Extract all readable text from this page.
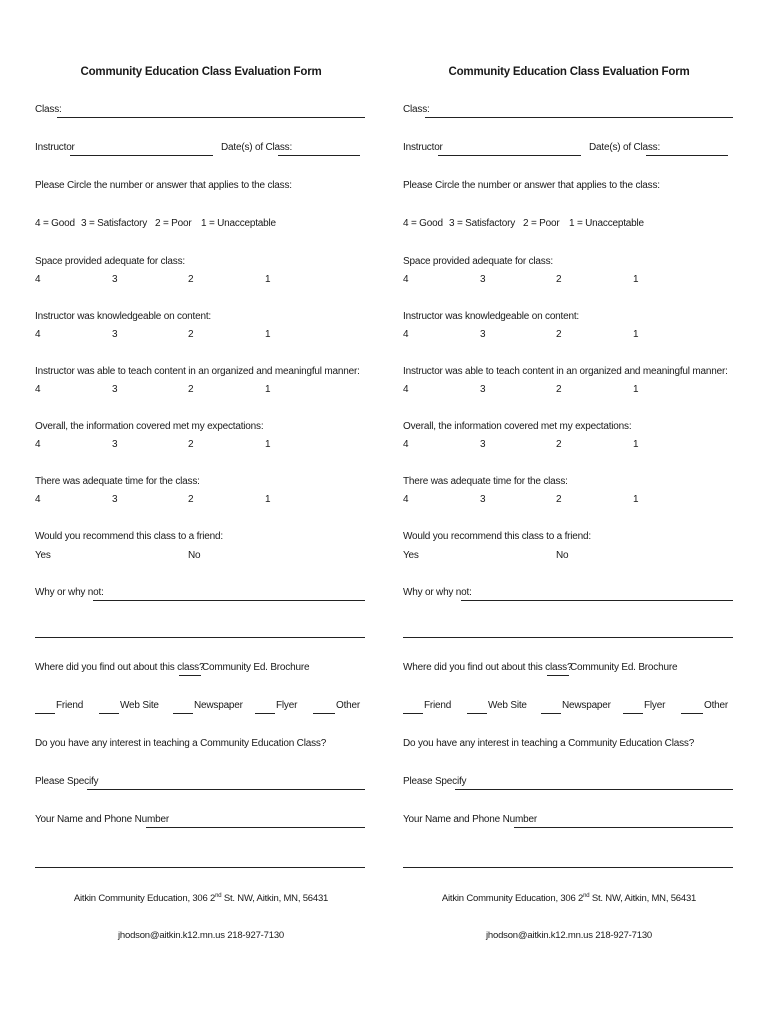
Community Education Class Evaluation Form
Class:
Instructor	Date(s) of Class:
Please Circle the number or answer that applies to the class:
4 = Good 3 = Satisfactory 2 = Poor 1 = Unacceptable
Space provided adequate for class:
4	3	2	1
Instructor was knowledgeable on content:
4	3	2	1
Instructor was able to teach content in an organized and meaningful manner:
4	3	2	1
Overall, the information covered met my expectations:
4	3	2	1
There was adequate time for the class:
4	3	2	1
Would you recommend this class to a friend:
Yes	No
Why or why not:
Where did you find out about this class?
Community Ed. Brochure
Friend	Web Site	Newspaper	Flyer	Other
Do you have any interest in teaching a Community Education Class?
Please Specify
Your Name and Phone Number
Aitkin Community Education, 306 2nd St. NW, Aitkin, MN, 56431
jhodson@aitkin.k12.mn.us 218-927-7130
Community Education Class Evaluation Form
Class:
Instructor	Date(s) of Class:
Please Circle the number or answer that applies to the class:
4 = Good 3 = Satisfactory 2 = Poor 1 = Unacceptable
Space provided adequate for class:
4	3	2	1
Instructor was knowledgeable on content:
4	3	2	1
Instructor was able to teach content in an organized and meaningful manner:
4	3	2	1
Overall, the information covered met my expectations:
4	3	2	1
There was adequate time for the class:
4	3	2	1
Would you recommend this class to a friend:
Yes	No
Why or why not:
Where did you find out about this class?
Community Ed. Brochure
Friend	Web Site	Newspaper	Flyer	Other
Do you have any interest in teaching a Community Education Class?
Please Specify
Your Name and Phone Number
Aitkin Community Education, 306 2nd St. NW, Aitkin, MN, 56431
jhodson@aitkin.k12.mn.us 218-927-7130
